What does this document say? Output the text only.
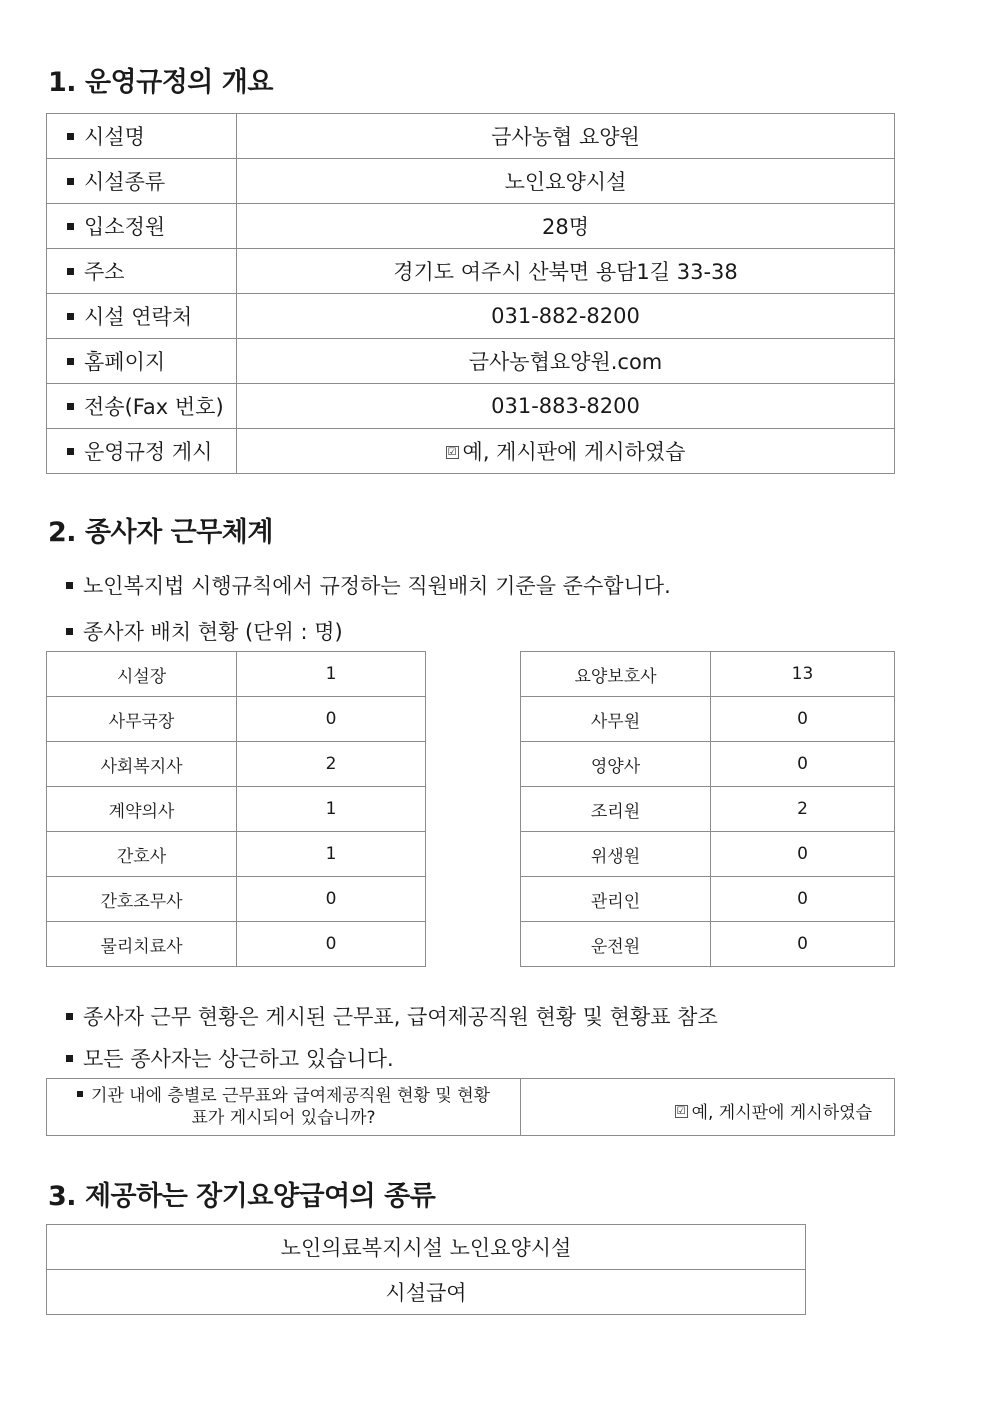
1. 운영규정의 개요
시설명	금사농협 요양원
시설종류	노인요양시설
입소정원	28명
주소	경기도 여주시 산북면 용담1길 33-38
시설 연락처	031-882-8200
홈페이지	금사농협요양원.com
전송(Fax 번호)	031-883-8200
운영규정 게시	☑ 예, 게시판에 게시하였습
2. 종사자 근무체계

노인복지법 시행규칙에서 규정하는 직원배치 기준을 준수합니다.

종사자 배치 현황 (단위 : 명)

시설장	1
사무국장	0
사회복지사	2
계약의사	1
간호사	1
간호조무사	0
물리치료사	0
요양보호사	13
사무원	0
영양사	0
조리원	2
위생원	0
관리인	0
운전원	0

종사자 근무 현황은 게시된 근무표, 급여제공직원 현황 및 현황표 참조

모든 종사자는 상근하고 있습니다.

기관 내에 층별로 근무표와 급여제공직원 현황 및 현황
표가 게시되어 있습니까?	☑ 예, 게시판에 게시하였습
3. 제공하는 장기요양급여의 종류
노인의료복지시설 노인요양시설
시설급여
